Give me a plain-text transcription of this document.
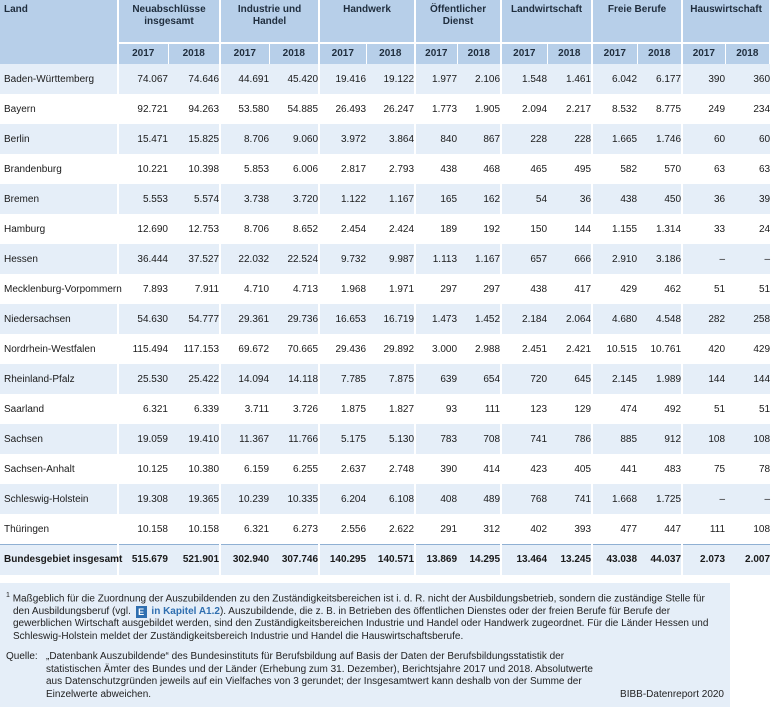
Land	Neuabschlüsse insgesamt		Industrie und Handel		Handwerk		Öffentlicher Dienst		Landwirtschaft		Freie Berufe		Hauswirtschaft	
	2017	2018	2017	2018	2017	2018	2017	2018	2017	2018	2017	2018	2017	2018
Baden-Württemberg	74.067	74.646	44.691	45.420	19.416	19.122	1.977	2.106	1.548	1.461	6.042	6.177	390	360
Bayern	92.721	94.263	53.580	54.885	26.493	26.247	1.773	1.905	2.094	2.217	8.532	8.775	249	234
Berlin	15.471	15.825	8.706	9.060	3.972	3.864	840	867	228	228	1.665	1.746	60	60
Brandenburg	10.221	10.398	5.853	6.006	2.817	2.793	438	468	465	495	582	570	63	63
Bremen	5.553	5.574	3.738	3.720	1.122	1.167	165	162	54	36	438	450	36	39
Hamburg	12.690	12.753	8.706	8.652	2.454	2.424	189	192	150	144	1.155	1.314	33	24
Hessen	36.444	37.527	22.032	22.524	9.732	9.987	1.113	1.167	657	666	2.910	3.186	–	–
Mecklenburg-Vorpommern	7.893	7.911	4.710	4.713	1.968	1.971	297	297	438	417	429	462	51	51
Niedersachsen	54.630	54.777	29.361	29.736	16.653	16.719	1.473	1.452	2.184	2.064	4.680	4.548	282	258
Nordrhein-Westfalen	115.494	117.153	69.672	70.665	29.436	29.892	3.000	2.988	2.451	2.421	10.515	10.761	420	429
Rheinland-Pfalz	25.530	25.422	14.094	14.118	7.785	7.875	639	654	720	645	2.145	1.989	144	144
Saarland	6.321	6.339	3.711	3.726	1.875	1.827	93	111	123	129	474	492	51	51
Sachsen	19.059	19.410	11.367	11.766	5.175	5.130	783	708	741	786	885	912	108	108
Sachsen-Anhalt	10.125	10.380	6.159	6.255	2.637	2.748	390	414	423	405	441	483	75	78
Schleswig-Holstein	19.308	19.365	10.239	10.335	6.204	6.108	408	489	768	741	1.668	1.725	–	–
Thüringen	10.158	10.158	6.321	6.273	2.556	2.622	291	312	402	393	477	447	111	108
Bundesgebiet insgesamt	515.679	521.901	302.940	307.746	140.295	140.571	13.869	14.295	13.464	13.245	43.038	44.037	2.073	2.007

$^1$ Maßgeblich für die Zuordnung der Auszubildenden zu den Zuständigkeitsbereichen ist i. d. R. nicht der Ausbildungsbetrieb, sondern die zuständige Stelle für den Ausbildungsberuf (vgl. E in Kapitel A1.2). Auszubildende, die z. B. in Betrieben des öffentlichen Dienstes oder der freien Berufe für Berufe der gewerblichen Wirtschaft ausgebildet werden, sind den Zuständigkeitsbereichen Industrie und Handel oder Handwerk zugeordnet. Für die Länder Hessen und Schleswig-Holstein meldet der Zuständigkeitsbereich Industrie und Handel die Hauswirtschaftsberufe.

Quelle: „Datenbank Auszubildende“ des Bundesinstituts für Berufsbildung auf Basis der Daten der Berufsbildungsstatistik der statistischen Ämter des Bundes und der Länder (Erhebung zum 31. Dezember), Berichtsjahre 2017 und 2018. Absolutwerte aus Datenschutzgründen jeweils auf ein Vielfaches von 3 gerundet; der Insgesamtwert kann deshalb von der Summe der Einzelwerte abweichen.	BIBB-Datenreport 2020
